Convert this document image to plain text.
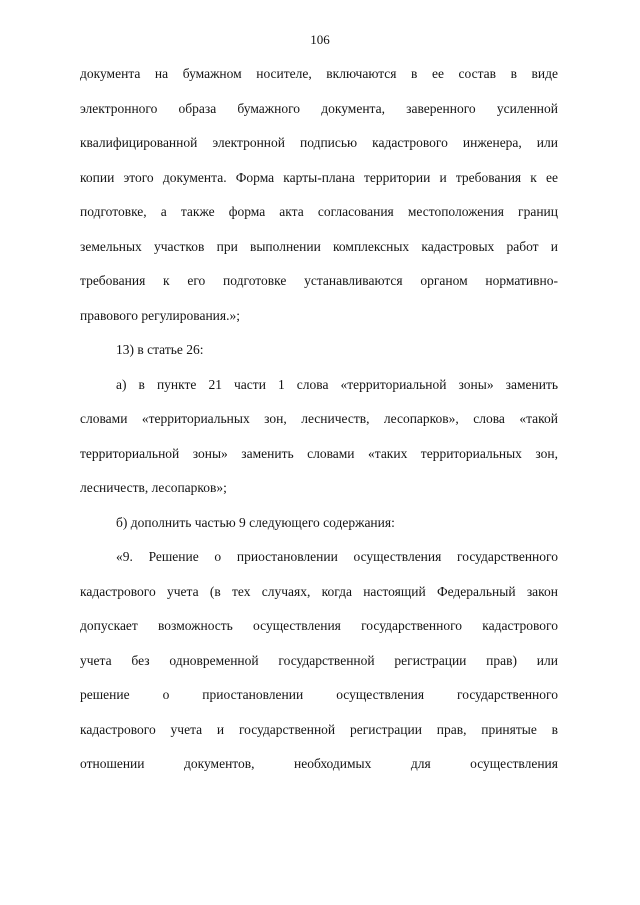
106
документа на бумажном носителе, включаются в ее состав в виде
электронного образа бумажного документа, заверенного усиленной
квалифицированной электронной подписью кадастрового инженера, или
копии этого документа. Форма карты-плана территории и требования к ее
подготовке, а также форма акта согласования местоположения границ
земельных участков при выполнении комплексных кадастровых работ и
требования к его подготовке устанавливаются органом нормативно-
правового регулирования.»;
13) в статье 26:
а) в пункте 21 части 1 слова «территориальной зоны» заменить
словами «территориальных зон, лесничеств, лесопарков», слова «такой
территориальной зоны» заменить словами «таких территориальных зон,
лесничеств, лесопарков»;
б) дополнить частью 9 следующего содержания:
«9. Решение о приостановлении осуществления государственного
кадастрового учета (в тех случаях, когда настоящий Федеральный закон
допускает возможность осуществления государственного кадастрового
учета без одновременной государственной регистрации прав) или
решение о приостановлении осуществления государственного
кадастрового учета и государственной регистрации прав, принятые в
отношении документов, необходимых для осуществления
